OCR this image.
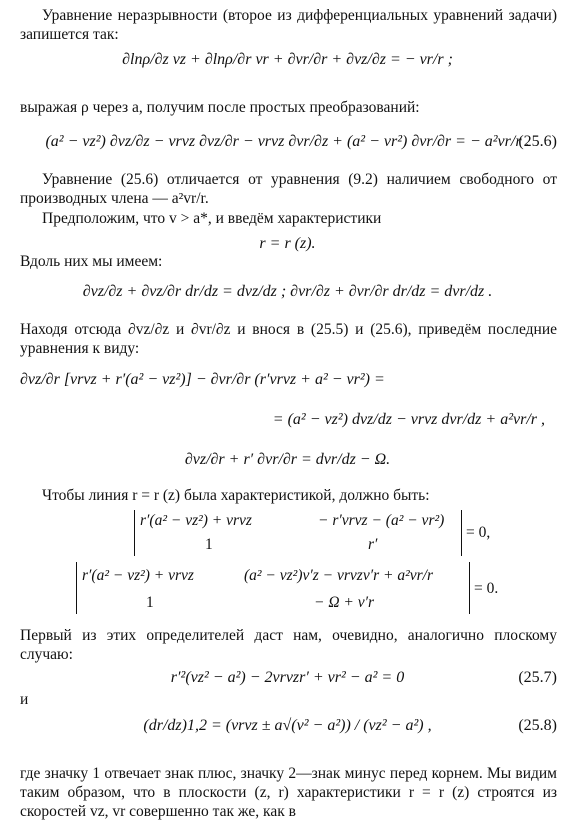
Уравнение неразрывности (второе из дифференциальных уравнений задачи) запишется так:
∂lnρ/∂z vz + ∂lnρ/∂r vr + ∂vr/∂r + ∂vz/∂z = − vr/r ;
выражая ρ через a, получим после простых преобразований:
(a² − vz²) ∂vz/∂z − vrvz ∂vz/∂r − vrvz ∂vr/∂z + (a² − vr²) ∂vr/∂r = − a²vr/r .
(25.6)
Уравнение (25.6) отличается от уравнения (9.2) наличием свободного от производных члена — a²vr/r.
Предположим, что v > a*, и введём характеристики
r = r (z).
Вдоль них мы имеем:
∂vz/∂z + ∂vz/∂r dr/dz = dvz/dz ; ∂vr/∂z + ∂vr/∂r dr/dz = dvr/dz .
Находя отсюда ∂vz/∂z и ∂vr/∂z и внося в (25.5) и (25.6), приведём последние уравнения к виду:
∂vz/∂r [vrvz + r′(a² − vz²)] − ∂vr/∂r (r′vrvz + a² − vr²) =
= (a² − vz²) dvz/dz − vrvz dvr/dz + a²vr/r ,
∂vz/∂r + r′ ∂vr/∂r = dvr/dz − Ω.
Чтобы линия r = r (z) была характеристикой, должно быть:
r′(a² − vz²) + vrvz	− r′vrvz − (a² − vr²)
1	r′
= 0,
r′(a² − vz²) + vrvz	(a² − vz²)v′z − vrvzv′r + a²vr/r
1	− Ω + v′r
= 0.
Первый из этих определителей даст нам, очевидно, аналогично плоскому случаю:
r′²(vz² − a²) − 2vrvzr′ + vr² − a² = 0	(25.7)
и
(dr/dz)1,2 = (vrvz ± a√(v² − a²)) / (vz² − a²) ,	(25.8)
где значку 1 отвечает знак плюс, значку 2—знак минус перед корнем. Мы видим таким образом, что в плоскости (z, r) характеристики r = r (z) строятся из скоростей vz, vr совершенно так же, как в
